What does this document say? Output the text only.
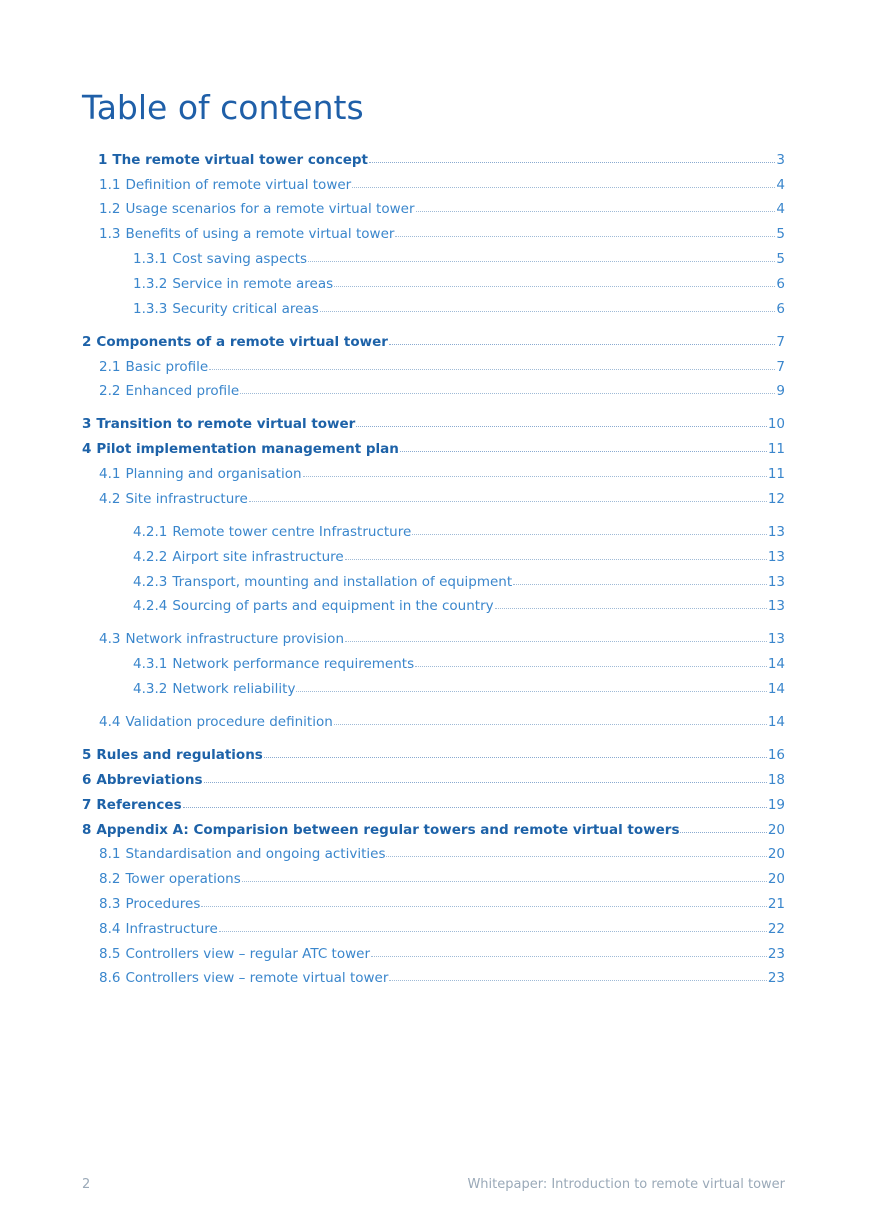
Table of contents
1 The remote virtual tower concept	3
1.1 Definition of remote virtual tower	4
1.2 Usage scenarios for a remote virtual tower	4
1.3 Benefits of using a remote virtual tower	5
1.3.1 Cost saving aspects	5
1.3.2 Service in remote areas	6
1.3.3 Security critical areas	6
2 Components of a remote virtual tower	7
2.1 Basic profile	7
2.2 Enhanced profile	9
3 Transition to remote virtual tower	10
4 Pilot implementation management plan	11
4.1 Planning and organisation	11
4.2 Site infrastructure	12
4.2.1 Remote tower centre Infrastructure	13
4.2.2 Airport site infrastructure	13
4.2.3 Transport, mounting and installation of equipment	13
4.2.4 Sourcing of parts and equipment in the country	13
4.3 Network infrastructure provision	13
4.3.1 Network performance requirements	14
4.3.2 Network reliability	14
4.4 Validation procedure definition	14
5 Rules and regulations	16
6 Abbreviations	18
7 References	19
8 Appendix A: Comparision between regular towers and remote virtual towers	20
8.1 Standardisation and ongoing activities	20
8.2 Tower operations	20
8.3 Procedures	21
8.4 Infrastructure	22
8.5 Controllers view – regular ATC tower	23
8.6 Controllers view – remote virtual tower	23
2	Whitepaper: Introduction to remote virtual tower
